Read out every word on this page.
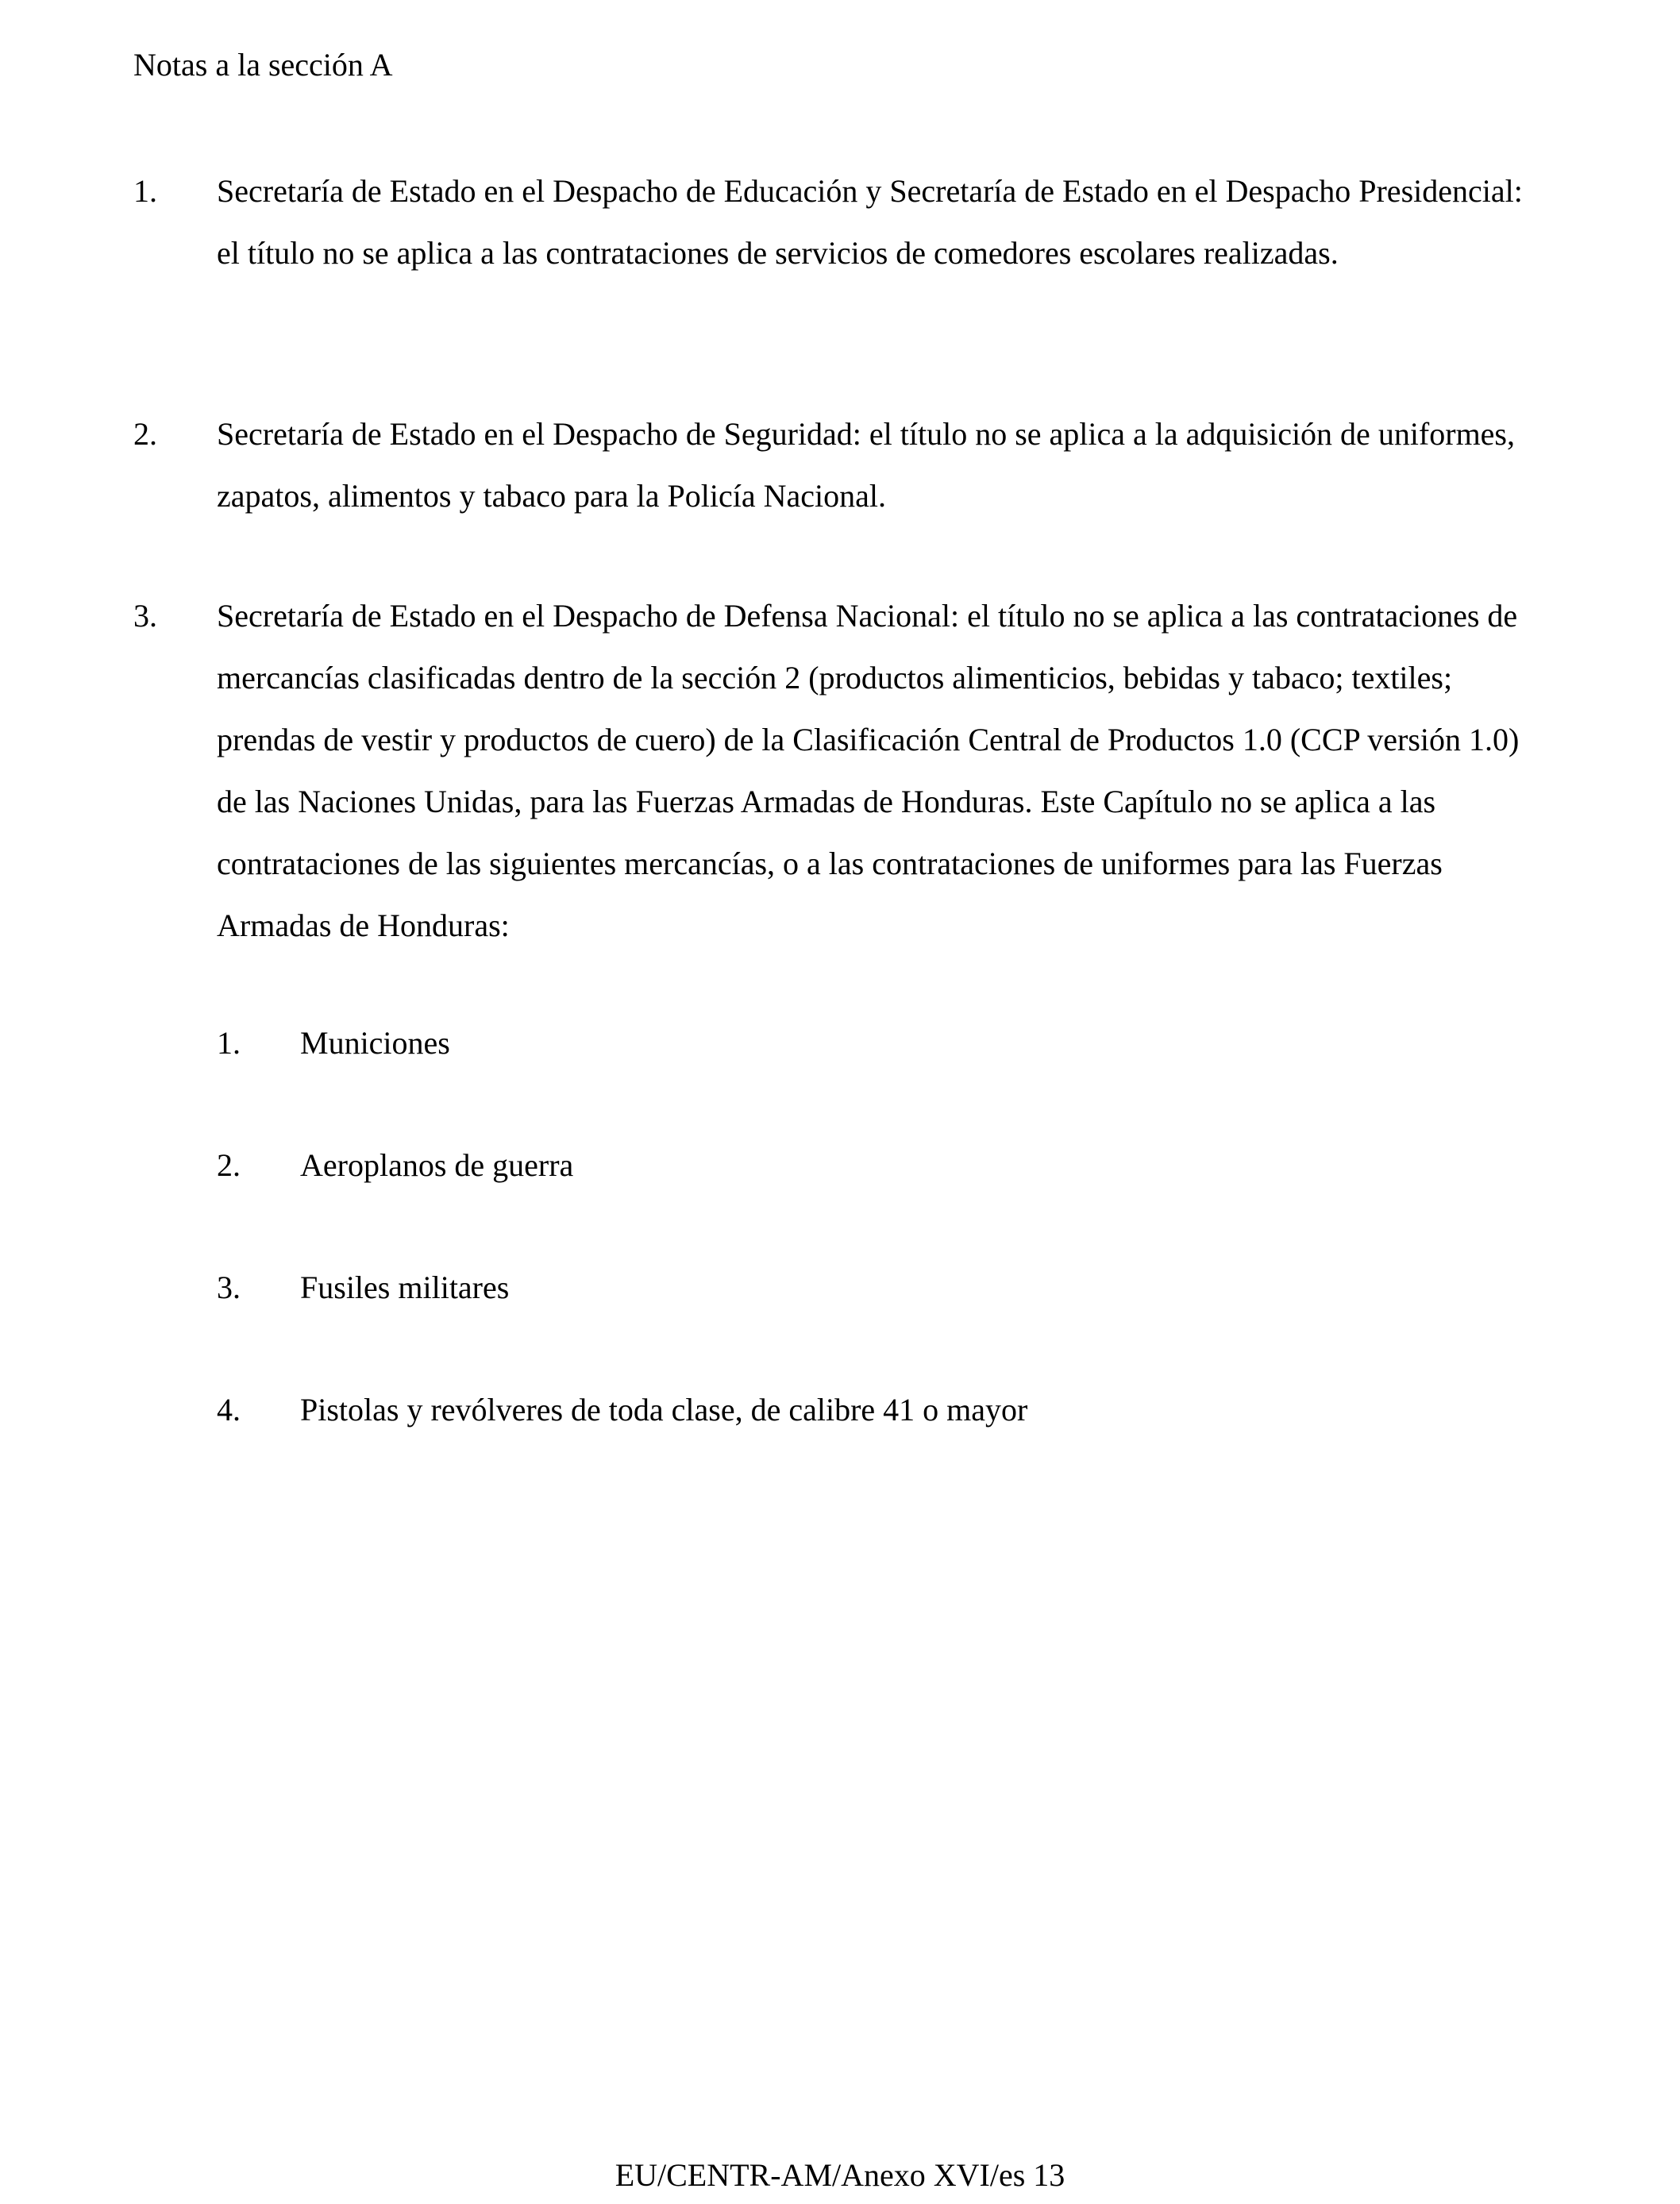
Notas a la sección A
1.	Secretaría de Estado en el Despacho de Educación y Secretaría de Estado en el Despacho Presidencial: el título no se aplica a las contrataciones de servicios de comedores escolares realizadas.
2.	Secretaría de Estado en el Despacho de Seguridad: el título no se aplica a la adquisición de uniformes, zapatos, alimentos y tabaco para la Policía Nacional.
3.	Secretaría de Estado en el Despacho de Defensa Nacional: el título no se aplica a las contrataciones de mercancías clasificadas dentro de la sección 2 (productos alimenticios, bebidas y tabaco; textiles; prendas de vestir y productos de cuero) de la Clasificación Central de Productos 1.0 (CCP versión 1.0) de las Naciones Unidas, para las Fuerzas Armadas de Honduras. Este Capítulo no se aplica a las contrataciones de las siguientes mercancías, o a las contrataciones de uniformes para las Fuerzas Armadas de Honduras:
1.	Municiones
2.	Aeroplanos de guerra
3.	Fusiles militares
4.	Pistolas y revólveres de toda clase, de calibre 41 o mayor
EU/CENTR-AM/Anexo XVI/es 13
